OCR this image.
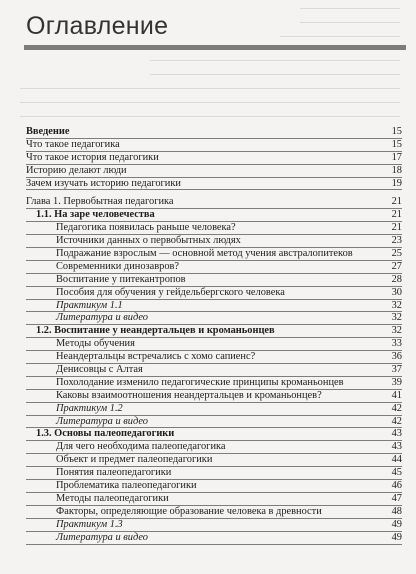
Оглавление
Введение	15
Что такое педагогика	15
Что такое история педагогики	17
Историю делают люди	18
Зачем изучать историю педагогики	19
Глава 1. Первобытная педагогика	21
1.1. На заре человечества	21
Педагогика появилась раньше человека?	21
Источники данных о первобытных людях	23
Подражание взрослым — основной метод учения австралопитеков	25
Современники динозавров?	27
Воспитание у питекантропов	28
Пособия для обучения у гейдельбергского человека	30
Практикум 1.1	32
Литература и видео	32
1.2. Воспитание у неандертальцев и кроманьонцев	32
Методы обучения	33
Неандертальцы встречались с хомо сапиенс?	36
Денисовцы с Алтая	37
Похолодание изменило педагогические принципы кроманьонцев	39
Каковы взаимоотношения неандертальцев и кроманьонцев?	41
Практикум 1.2	42
Литература и видео	42
1.3. Основы палеопедагогики	43
Для чего необходима палеопедагогика	43
Объект и предмет палеопедагогики	44
Понятия палеопедагогики	45
Проблематика палеопедагогики	46
Методы палеопедагогики	47
Факторы, определяющие образование человека в древности	48
Практикум 1.3	49
Литература и видео	49
